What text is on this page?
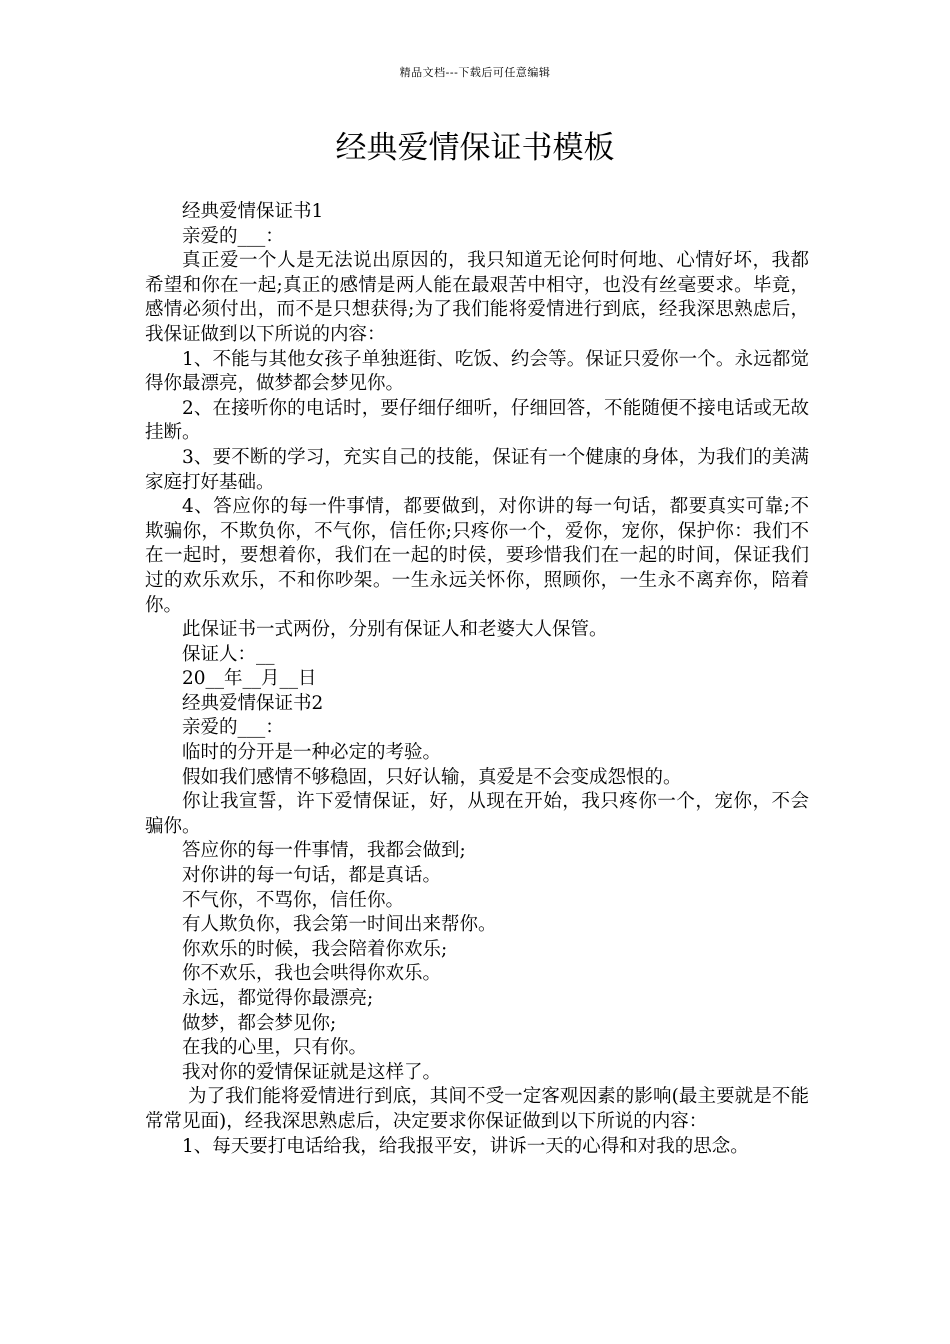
精品文档---下载后可任意编辑
经典爱情保证书模板

经典爱情保证书1

亲爱的___：

真正爱一个人是无法说出原因的，我只知道无论何时何地、心情好坏，我都希望和你在一起;真正的感情是两人能在最艰苦中相守，也没有丝毫要求。毕竟，感情必须付出，而不是只想获得;为了我们能将爱情进行到底，经我深思熟虑后，我保证做到以下所说的内容：

1、不能与其他女孩子单独逛街、吃饭、约会等。保证只爱你一个。永远都觉得你最漂亮，做梦都会梦见你。

2、在接听你的电话时，要仔细仔细听，仔细回答，不能随便不接电话或无故挂断。

3、要不断的学习，充实自己的技能，保证有一个健康的身体，为我们的美满家庭打好基础。

4、答应你的每一件事情，都要做到，对你讲的每一句话，都要真实可靠;不欺骗你，不欺负你，不气你，信任你;只疼你一个，爱你，宠你，保护你：我们不在一起时，要想着你，我们在一起的时侯，要珍惜我们在一起的时间，保证我们过的欢乐欢乐，不和你吵架。一生永远关怀你，照顾你，一生永不离弃你，陪着你。

此保证书一式两份，分别有保证人和老婆大人保管。

保证人：__

20__年__月__日

经典爱情保证书2

亲爱的___：

临时的分开是一种必定的考验。

假如我们感情不够稳固，只好认输，真爱是不会变成怨恨的。

你让我宣誓，许下爱情保证，好，从现在开始，我只疼你一个，宠你，不会骗你。

答应你的每一件事情，我都会做到;

对你讲的每一句话，都是真话。

不气你，不骂你，信任你。

有人欺负你，我会第一时间出来帮你。

你欢乐的时候，我会陪着你欢乐;

你不欢乐，我也会哄得你欢乐。

永远，都觉得你最漂亮;

做梦，都会梦见你;

在我的心里，只有你。

我对你的爱情保证就是这样了。

为了我们能将爱情进行到底，其间不受一定客观因素的影响(最主要就是不能常常见面)，经我深思熟虑后，决定要求你保证做到以下所说的内容：

1、每天要打电话给我，给我报平安，讲诉一天的心得和对我的思念。
